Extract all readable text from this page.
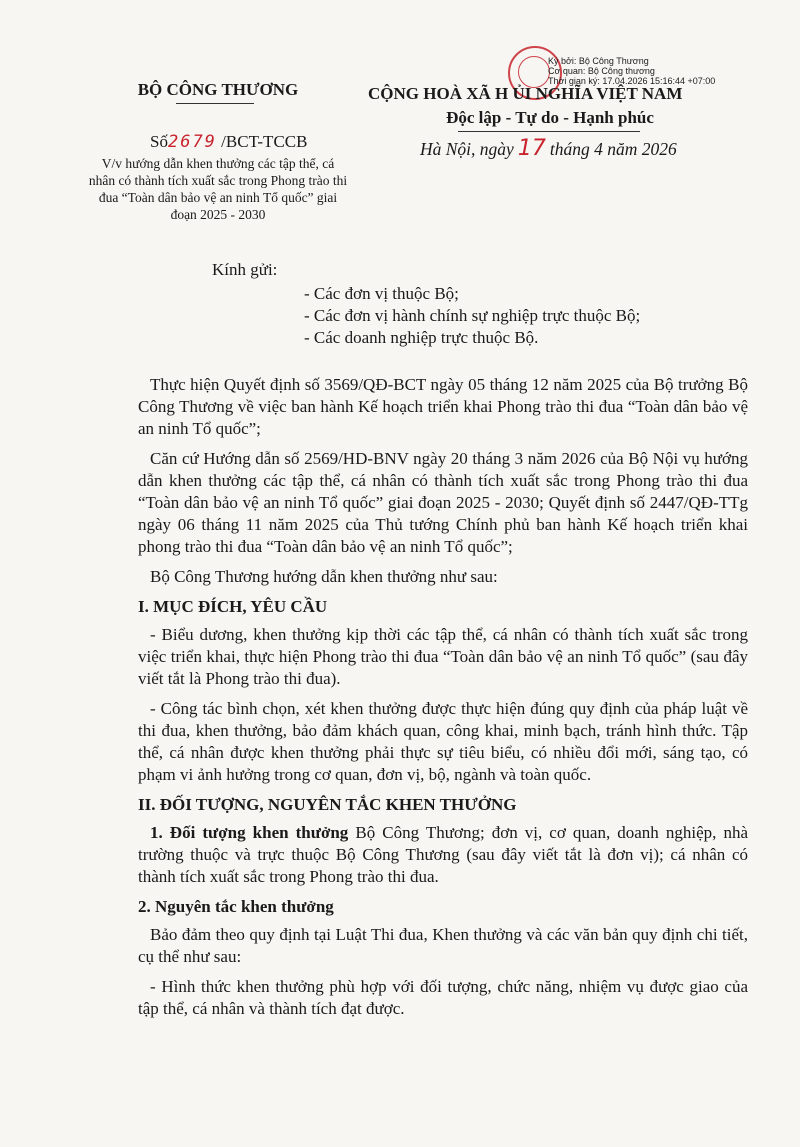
BỘ CÔNG THƯƠNG
Số2679 /BCT-TCCB
V/v hướng dẫn khen thưởng các tập thể, cá nhân có thành tích xuất sắc trong Phong trào thi đua “Toàn dân bảo vệ an ninh Tổ quốc” giai đoạn 2025 - 2030
Ký bởi: Bộ Công Thương
Cơ quan: Bộ Công thương
Thời gian ký: 17.04.2026 15:16:44 +07:00
CỘNG HOÀ XÃ H ỦI NGHĨA VIỆT NAM
Độc lập - Tự do - Hạnh phúc
Hà Nội, ngày 17 tháng 4 năm 2026
Kính gửi:
- Các đơn vị thuộc Bộ;
- Các đơn vị hành chính sự nghiệp trực thuộc Bộ;
- Các doanh nghiệp trực thuộc Bộ.

Thực hiện Quyết định số 3569/QĐ-BCT ngày 05 tháng 12 năm 2025 của Bộ trưởng Bộ Công Thương về việc ban hành Kế hoạch triển khai Phong trào thi đua “Toàn dân bảo vệ an ninh Tổ quốc”;

Căn cứ Hướng dẫn số 2569/HD-BNV ngày 20 tháng 3 năm 2026 của Bộ Nội vụ hướng dẫn khen thưởng các tập thể, cá nhân có thành tích xuất sắc trong Phong trào thi đua “Toàn dân bảo vệ an ninh Tổ quốc” giai đoạn 2025 - 2030; Quyết định số 2447/QĐ-TTg ngày 06 tháng 11 năm 2025 của Thủ tướng Chính phủ ban hành Kế hoạch triển khai phong trào thi đua “Toàn dân bảo vệ an ninh Tổ quốc”;

Bộ Công Thương hướng dẫn khen thưởng như sau:

I. MỤC ĐÍCH, YÊU CẦU

- Biểu dương, khen thưởng kịp thời các tập thể, cá nhân có thành tích xuất sắc trong việc triển khai, thực hiện Phong trào thi đua “Toàn dân bảo vệ an ninh Tổ quốc” (sau đây viết tắt là Phong trào thi đua).

- Công tác bình chọn, xét khen thưởng được thực hiện đúng quy định của pháp luật về thi đua, khen thưởng, bảo đảm khách quan, công khai, minh bạch, tránh hình thức. Tập thể, cá nhân được khen thưởng phải thực sự tiêu biểu, có nhiều đổi mới, sáng tạo, có phạm vi ảnh hưởng trong cơ quan, đơn vị, bộ, ngành và toàn quốc.

II. ĐỐI TƯỢNG, NGUYÊN TẮC KHEN THƯỞNG

1. Đối tượng khen thưởng Bộ Công Thương; đơn vị, cơ quan, doanh nghiệp, nhà trường thuộc và trực thuộc Bộ Công Thương (sau đây viết tắt là đơn vị); cá nhân có thành tích xuất sắc trong Phong trào thi đua.

2. Nguyên tắc khen thưởng

Bảo đảm theo quy định tại Luật Thi đua, Khen thưởng và các văn bản quy định chi tiết, cụ thể như sau:

- Hình thức khen thưởng phù hợp với đối tượng, chức năng, nhiệm vụ được giao của tập thể, cá nhân và thành tích đạt được.
